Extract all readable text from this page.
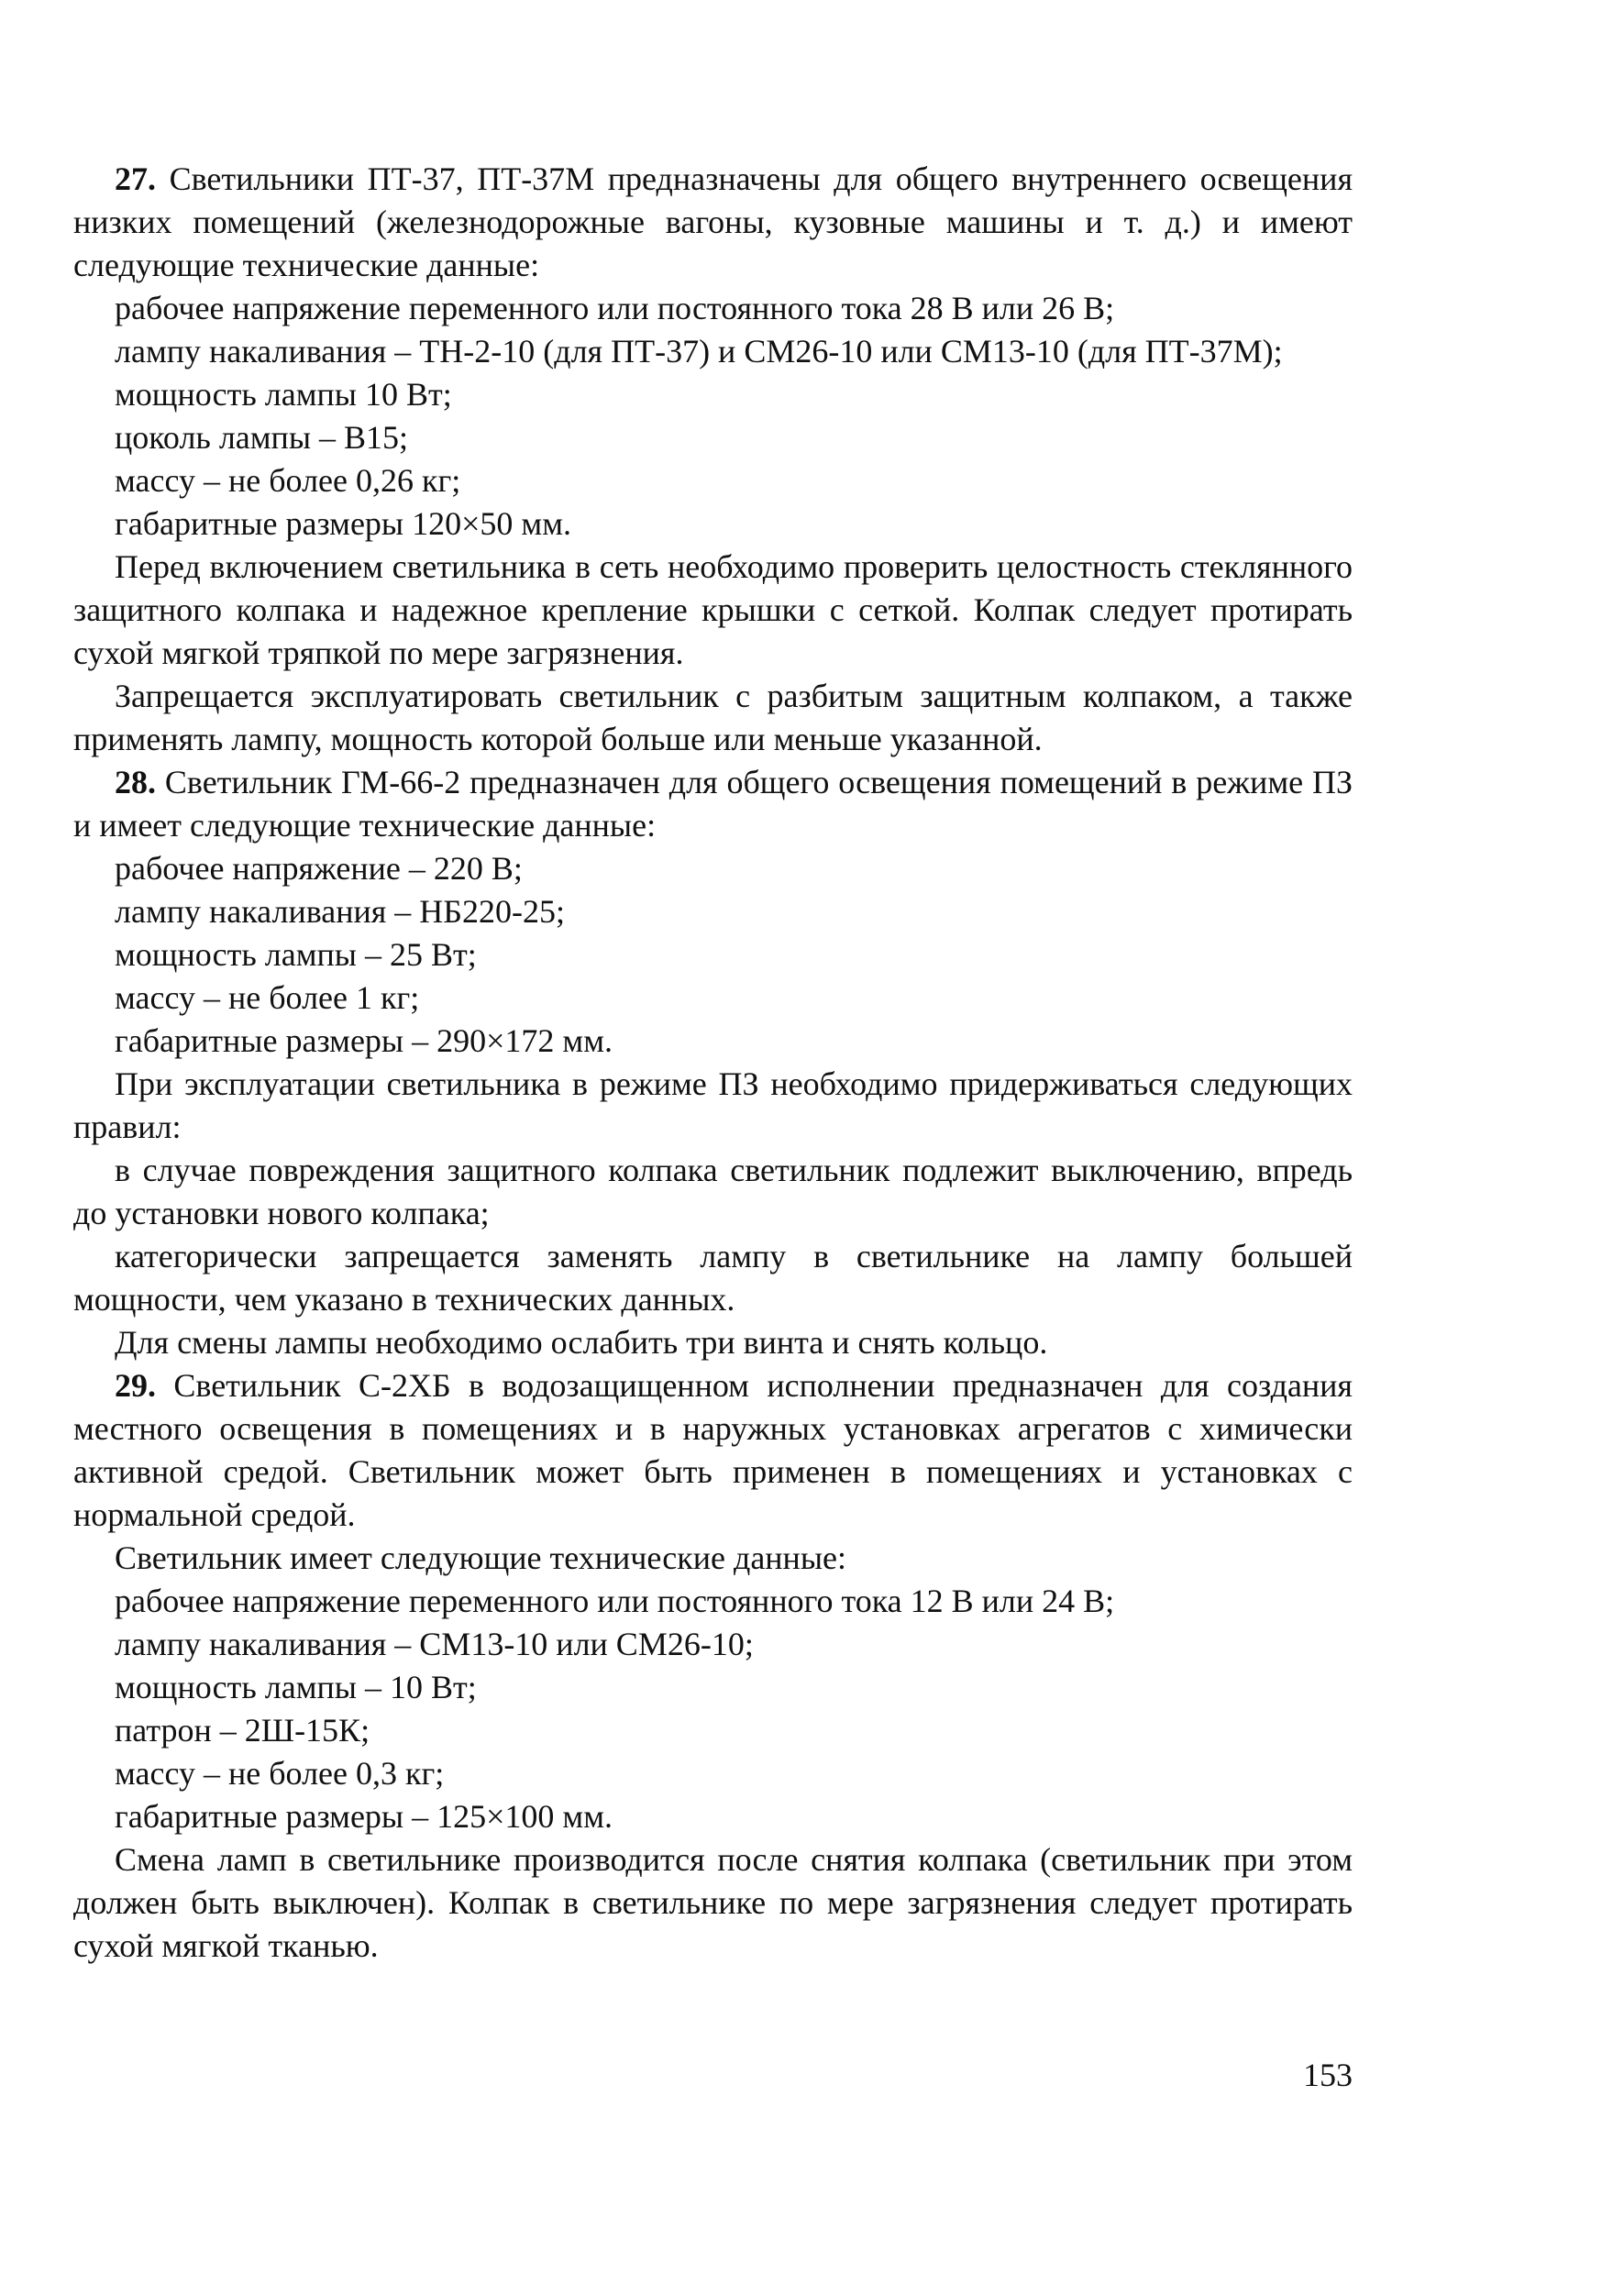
27. Светильники ПТ-37, ПТ-37М предназначены для общего внутреннего освещения низких помещений (железнодорожные вагоны, кузовные машины и т. д.) и имеют следующие технические данные:

рабочее напряжение переменного или постоянного тока 28 В или 26 В;

лампу накаливания – ТН-2-10 (для ПТ-37) и СМ26-10 или СМ13-10 (для ПТ-37М);

мощность лампы 10 Вт;

цоколь лампы – B15;

массу – не более 0,26 кг;

габаритные размеры 120×50 мм.

Перед включением светильника в сеть необходимо проверить целостность стеклянного защитного колпака и надежное крепление крышки с сеткой. Колпак следует протирать сухой мягкой тряпкой по мере загрязнения.

Запрещается эксплуатировать светильник с разбитым защитным колпаком, а также применять лампу, мощность которой больше или меньше указанной.

28. Светильник ГМ-66-2 предназначен для общего освещения помещений в режиме ПЗ и имеет следующие технические данные:

рабочее напряжение – 220 В;

лампу накаливания – НБ220-25;

мощность лампы – 25 Вт;

массу – не более 1 кг;

габаритные размеры – 290×172 мм.

При эксплуатации светильника в режиме ПЗ необходимо придерживаться следующих правил:

в случае повреждения защитного колпака светильник подлежит выключению, впредь до установки нового колпака;

категорически запрещается заменять лампу в светильнике на лампу большей мощности, чем указано в технических данных.

Для смены лампы необходимо ослабить три винта и снять кольцо.

29. Светильник С-2ХБ в водозащищенном исполнении предназначен для создания местного освещения в помещениях и в наружных установках агрегатов с химически активной средой. Светильник может быть применен в помещениях и установках с нормальной средой.

Светильник имеет следующие технические данные:

рабочее напряжение переменного или постоянного тока 12 В или 24 В;

лампу накаливания – СМ13-10 или СМ26-10;

мощность лампы – 10 Вт;

патрон – 2Ш-15К;

массу – не более 0,3 кг;

габаритные размеры – 125×100 мм.

Смена ламп в светильнике производится после снятия колпака (светильник при этом должен быть выключен). Колпак в светильнике по мере загрязнения следует протирать сухой мягкой тканью.

153
